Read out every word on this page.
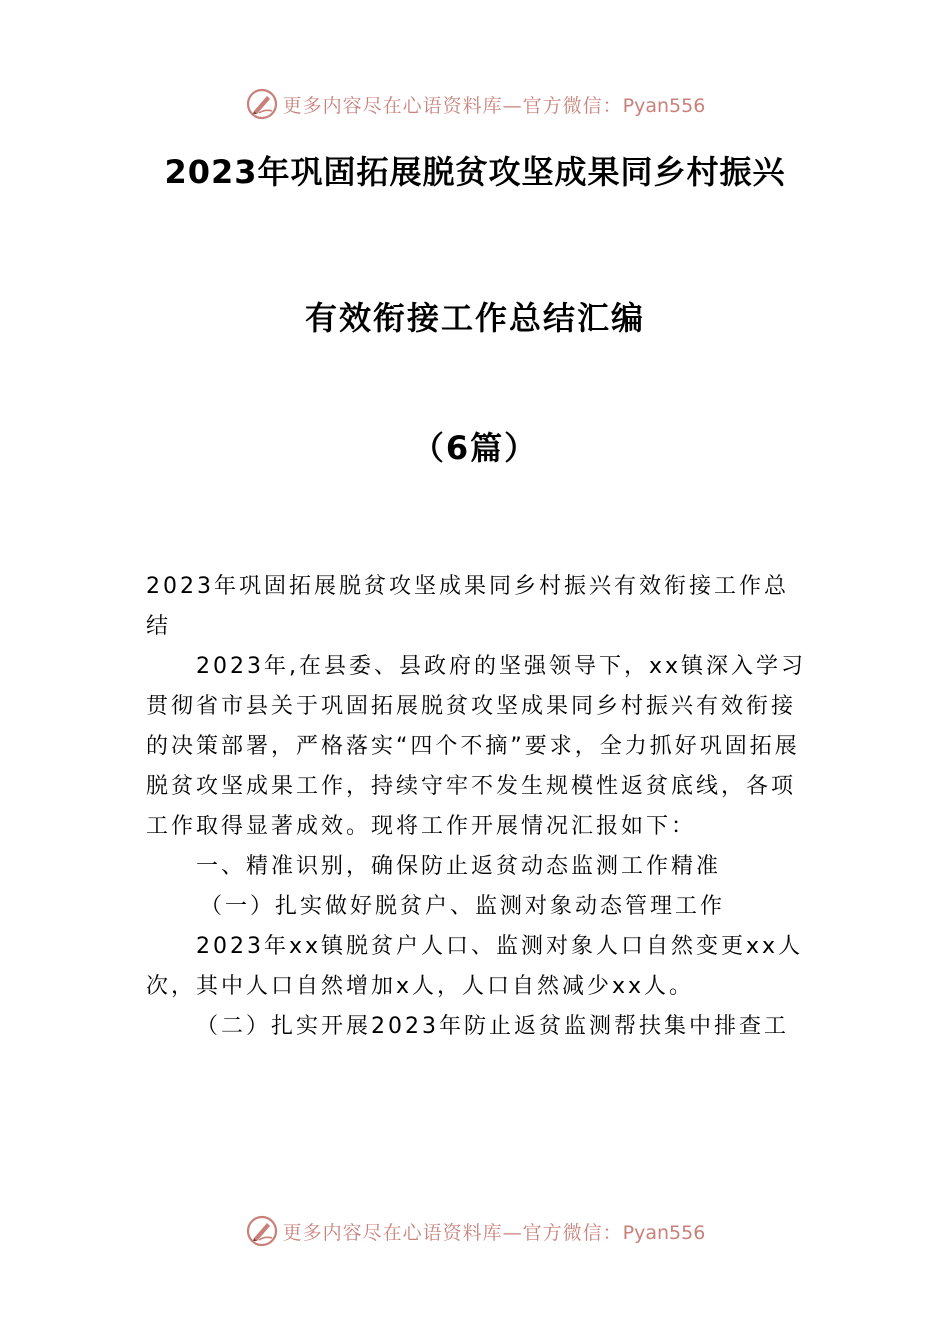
更多内容尽在心语资料库—官方微信：Pyan556
2023年巩固拓展脱贫攻坚成果同乡村振兴
有效衔接工作总结汇编
（6篇）

2023年巩固拓展脱贫攻坚成果同乡村振兴有效衔接工作总结

2023年,在县委、县政府的坚强领导下，xx镇深入学习贯彻省市县关于巩固拓展脱贫攻坚成果同乡村振兴有效衔接的决策部署，严格落实“四个不摘”要求，全力抓好巩固拓展脱贫攻坚成果工作，持续守牢不发生规模性返贫底线，各项工作取得显著成效。现将工作开展情况汇报如下：

一、精准识别，确保防止返贫动态监测工作精准

（一）扎实做好脱贫户、监测对象动态管理工作

2023年xx镇脱贫户人口、监测对象人口自然变更xx人次，其中人口自然增加x人，人口自然减少xx人。

（二）扎实开展2023年防止返贫监测帮扶集中排查工

更多内容尽在心语资料库—官方微信：Pyan556
